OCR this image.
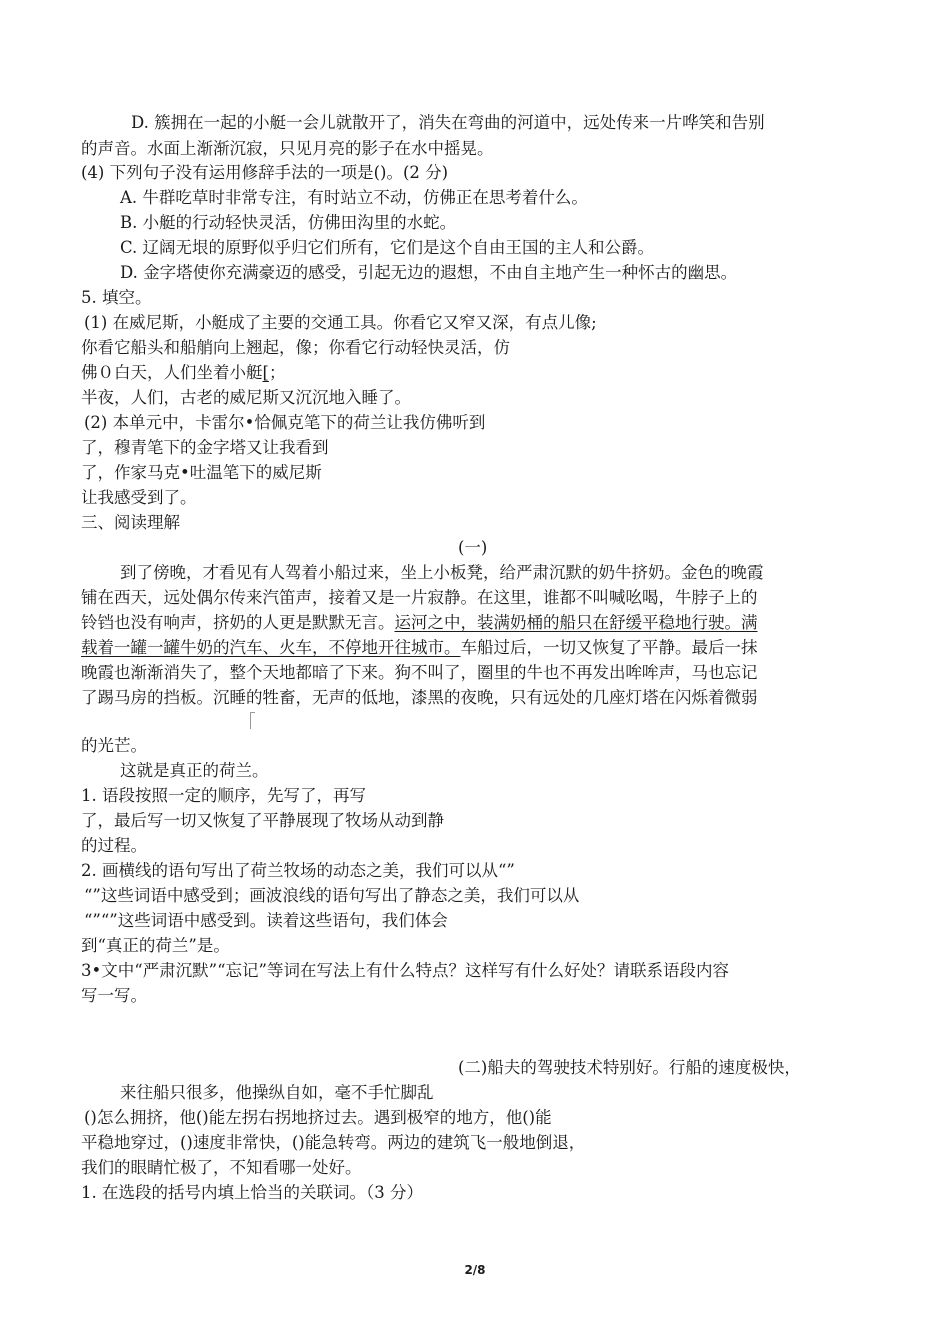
D. 簇拥在一起的小艇一会儿就散开了，消失在弯曲的河道中，远处传来一片哗笑和告别
的声音。水面上渐渐沉寂，只见月亮的影子在水中摇晃。
(4) 下列句子没有运用修辞手法的一项是()。(2 分)
A. 牛群吃草时非常专注，有时站立不动，仿佛正在思考着什么。
B. 小艇的行动轻快灵活，仿佛田沟里的水蛇。
C. 辽阔无垠的原野似乎归它们所有，它们是这个自由王国的主人和公爵。
D. 金字塔使你充满豪迈的感受，引起无边的遐想，不由自主地产生一种怀古的幽思。
5. 填空。
(1) 在威尼斯，小艇成了主要的交通工具。你看它又窄又深，有点儿像;
你看它船头和船艄向上翘起，像；你看它行动轻快灵活，仿
佛０白天，人们坐着小艇[；
半夜，人们，古老的威尼斯又沉沉地入睡了。
(2) 本单元中，卡雷尔•恰佩克笔下的荷兰让我仿佛听到
了，穆青笔下的金字塔又让我看到
了，作家马克•吐温笔下的威尼斯
让我感受到了。
三、阅读理解
(一)
到了傍晚，才看见有人驾着小船过来，坐上小板凳，给严肃沉默的奶牛挤奶。金色的晚霞
铺在西天，远处偶尔传来汽笛声，接着又是一片寂静。在这里，谁都不叫喊吆喝，牛脖子上的
铃铛也没有响声，挤奶的人更是默默无言。运河之中，装满奶桶的船只在舒缓平稳地行驶。满
载着一罐一罐牛奶的汽车、火车，不停地开往城市。车船过后，一切又恢复了平静。最后一抹
晚霞也渐渐消失了，整个天地都暗了下来。狗不叫了，圈里的牛也不再发出哞哞声，马也忘记
了踢马房的挡板。沉睡的牲畜，无声的低地，漆黑的夜晚，只有远处的几座灯塔在闪烁着微弱
的光芒。
这就是真正的荷兰。
1. 语段按照一定的顺序，先写了，再写
了，最后写一切又恢复了平静展现了牧场从动到静
的过程。
2. 画横线的语句写出了荷兰牧场的动态之美，我们可以从“”
“”这些词语中感受到；画波浪线的语句写出了静态之美，我们可以从
“”“”这些词语中感受到。读着这些语句，我们体会
到“真正的荷兰”是。
3•文中“严肃沉默”“忘记”等词在写法上有什么特点？这样写有什么好处？请联系语段内容
写一写。
(二)船夫的驾驶技术特别好。行船的速度极快，
来往船只很多，他操纵自如，毫不手忙脚乱
()怎么拥挤，他()能左拐右拐地挤过去。遇到极窄的地方，他()能
平稳地穿过，()速度非常快，()能急转弯。两边的建筑飞一般地倒退，
我们的眼睛忙极了，不知看哪一处好。
1. 在选段的括号内填上恰当的关联词。（3 分）
2/8
